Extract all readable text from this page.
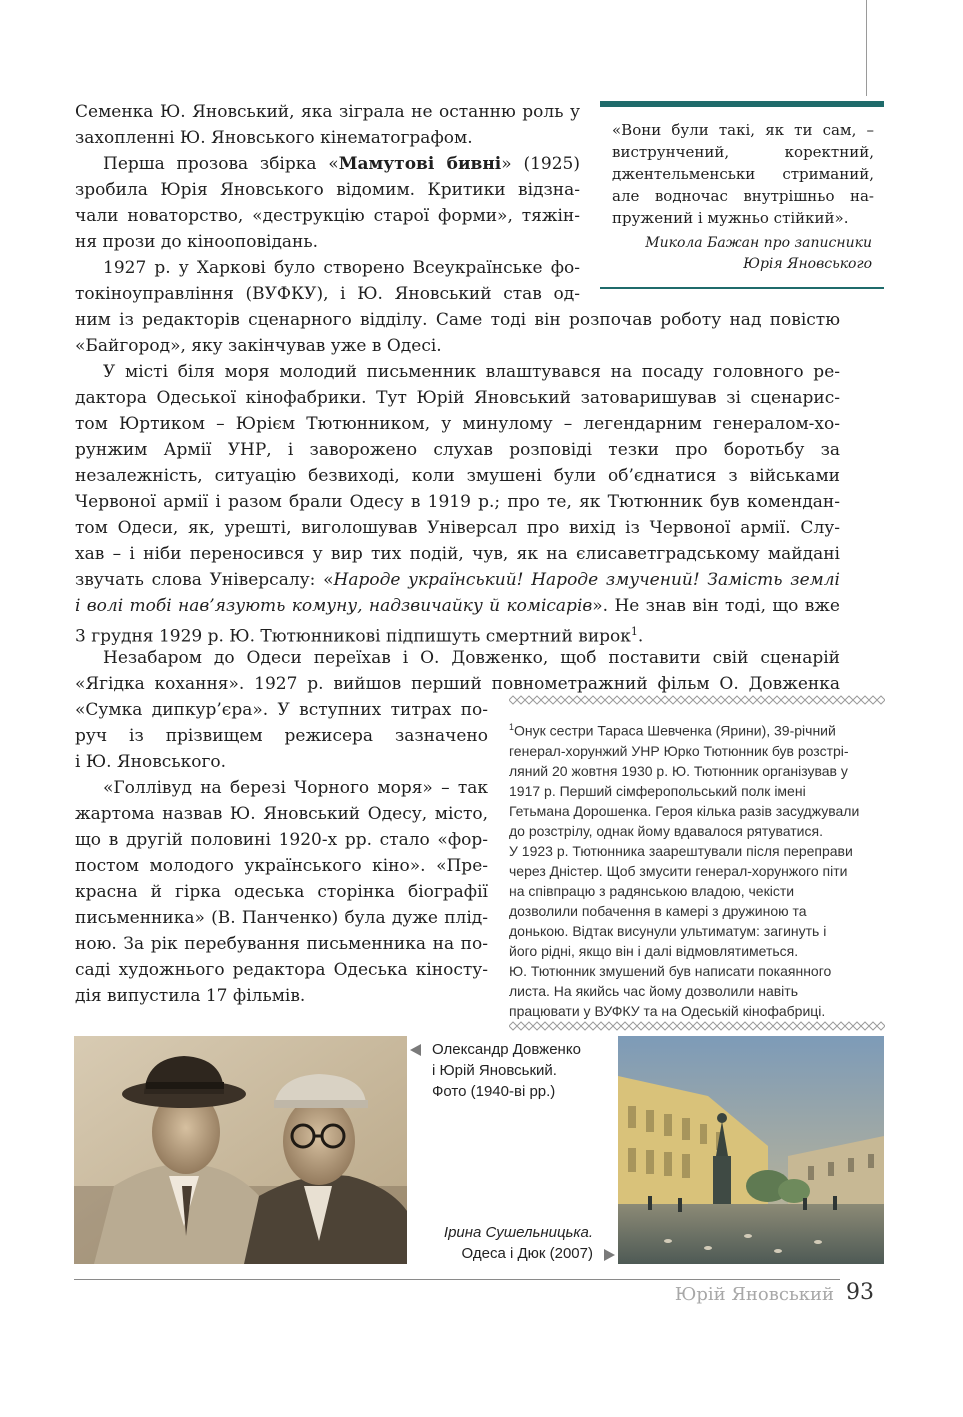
Семенка Ю. Яновський, яка зіграла не останню роль у
захопленні Ю. Яновського кінематографом.
Перша прозова збірка «Мамутові бивні» (1925)
зробила Юрія Яновського відомим. Критики відзна-
чали новаторство, «деструкцію старої форми», тяжін-
ня прози до кінооповідань.
1927 р. у Харкові було створено Всеукраїнське фо-
токіноуправління (ВУФКУ), і Ю. Яновський став од-
ним із редакторів сценарного відділу. Саме тоді він розпочав роботу над повістю
«Байгород», яку закінчував уже в Одесі.
У місті біля моря молодий письменник влаштувався на посаду головного ре-
дактора Одеської кінофабрики. Тут Юрій Яновський затоваришував зі сценарис-
том Юртиком – Юрієм Тютюнником, у минулому – легендарним генералом-хо-
рунжим Армії УНР, і заворожено слухав розповіді тезки про боротьбу за
незалежність, ситуацію безвиході, коли змушені були об’єднатися з військами
Червоної армії і разом брали Одесу в 1919 р.; про те, як Тютюнник був комендан-
том Одеси, як, урешті, виголошував Універсал про вихід із Червоної армії. Слу-
хав – і ніби переносився у вир тих подій, чув, як на єлисаветградському майдані
звучать слова Універсалу: «Народе український! Народе змучений! Замість землі
і волі тобі нав’язують комуну, надзвичайку й комісарів». Не знав він тоді, що вже
3 грудня 1929 р. Ю. Тютюнникові підпишуть смертний вирок$^1$.
Незабаром до Одеси переїхав і О. Довженко, щоб поставити свій сценарій
«Ягідка кохання». 1927 р. вийшов перший повнометражний фільм О. Довженка
«Сумка дипкур’єра». У вступних титрах по-
руч із прізвищем режисера зазначено
і Ю. Яновського.
«Голлівуд на березі Чорного моря» – так
жартома назвав Ю. Яновський Одесу, місто,
що в другій половині 1920-х рр. стало «фор-
постом молодого українського кіно». «Пре-
красна й гірка одеська сторінка біографії
письменника» (В. Панченко) була дуже плід-
ною. За рік перебування письменника на по-
саді художнього редактора Одеська кіносту-
дія випустила 17 фільмів.
«Вони були такі, як ти сам, –
виструнчений, коректний,
джентельменськи стриманий,
але водночас внутрішньо на-
пружений і мужньо стійкий».
Микола Бажан про записники
Юрія Яновського
$^1$Онук сестри Тараса Шевченка (Ярини), 39-річний
генерал-хорунжий УНР Юрко Тютюнник був розстрі-
ляний 20 жовтня 1930 р. Ю. Тютюнник організував у
1917 р. Перший сімферопольський полк імені
Гетьмана Дорошенка. Героя кілька разів засуджували
до розстрілу, однак йому вдавалося рятуватися.
У 1923 р. Тютюнника заарештували після переправи
через Дністер. Щоб змусити генерал-хорунжого піти
на співпрацю з радянською владою, чекісти
дозволили побачення в камері з дружиною та
донькою. Відтак висунули ультиматум: загинуть і
його рідні, якщо він і далі відмовлятиметься.
Ю. Тютюнник змушений був написати покаянного
листа. На якийсь час йому дозволили навіть
працювати у ВУФКУ та на Одеській кінофабриці.
Олександр Довженко
і Юрій Яновський.
Фото (1940-ві рр.)
Ірина Сушельницька.
Одеса і Дюк (2007)
Юрій Яновський 93
